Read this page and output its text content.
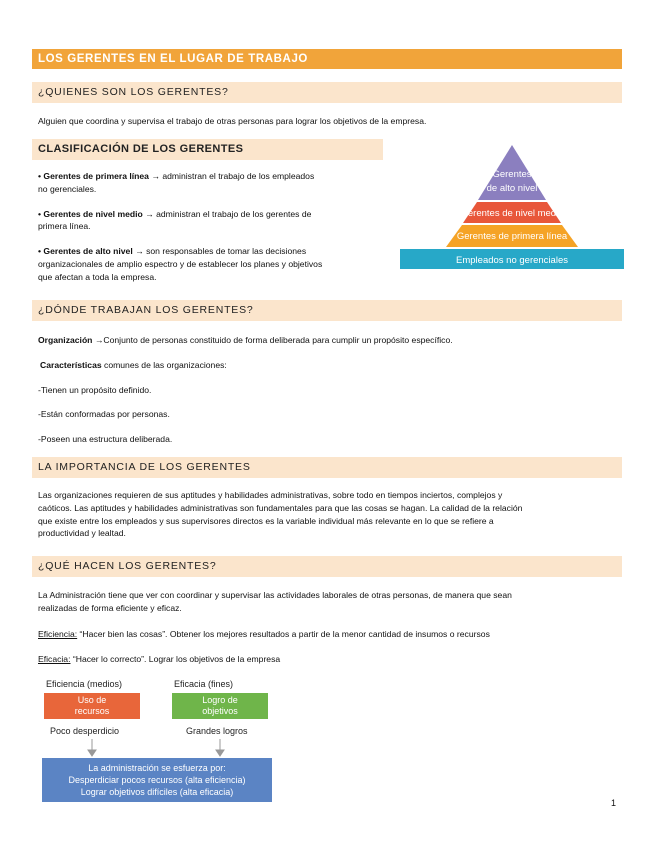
LOS GERENTES EN EL LUGAR DE TRABAJO
¿QUIENES SON LOS GERENTES?
Alguien que coordina y supervisa el trabajo de otras personas para lograr los objetivos de la empresa.
CLASIFICACIÓN DE LOS GERENTES
• Gerentes de primera línea → administran el trabajo de los empleados
no gerenciales.
• Gerentes de nivel medio → administran el trabajo de los gerentes de
primera línea.
• Gerentes de alto nivel → son responsables de tomar las decisiones
organizacionales de amplio espectro y de establecer los planes y objetivos
que afectan a toda la empresa.
Gerentes
de alto nivel
Gerentes de nivel medio
Gerentes de primera línea
Empleados no gerenciales
¿DÓNDE TRABAJAN LOS GERENTES?
Organización →Conjunto de personas constituido de forma deliberada para cumplir un propósito específico.
Características comunes de las organizaciones:
-Tienen un propósito definido.
-Están conformadas por personas.
-Poseen una estructura deliberada.
LA IMPORTANCIA DE LOS GERENTES
Las organizaciones requieren de sus aptitudes y habilidades administrativas, sobre todo en tiempos inciertos, complejos y
caóticos. Las aptitudes y habilidades administrativas son fundamentales para que las cosas se hagan. La calidad de la relación
que existe entre los empleados y sus supervisores directos es la variable individual más relevante en lo que se refiere a
productividad y lealtad.
¿QUÉ HACEN LOS GERENTES?
La Administración tiene que ver con coordinar y supervisar las actividades laborales de otras personas, de manera que sean
realizadas de forma eficiente y eficaz.
Eficiencia: “Hacer bien las cosas”. Obtener los mejores resultados a partir de la menor cantidad de insumos o recursos
Eficacia: “Hacer lo correcto”. Lograr los objetivos de la empresa
Eficiencia (medios)	Eficacia (fines)
Uso de
recursos
Logro de
objetivos
Poco desperdicio	Grandes logros
La administración se esfuerza por:
Desperdiciar pocos recursos (alta eficiencia)
Lograr objetivos difíciles (alta eficacia)
1
